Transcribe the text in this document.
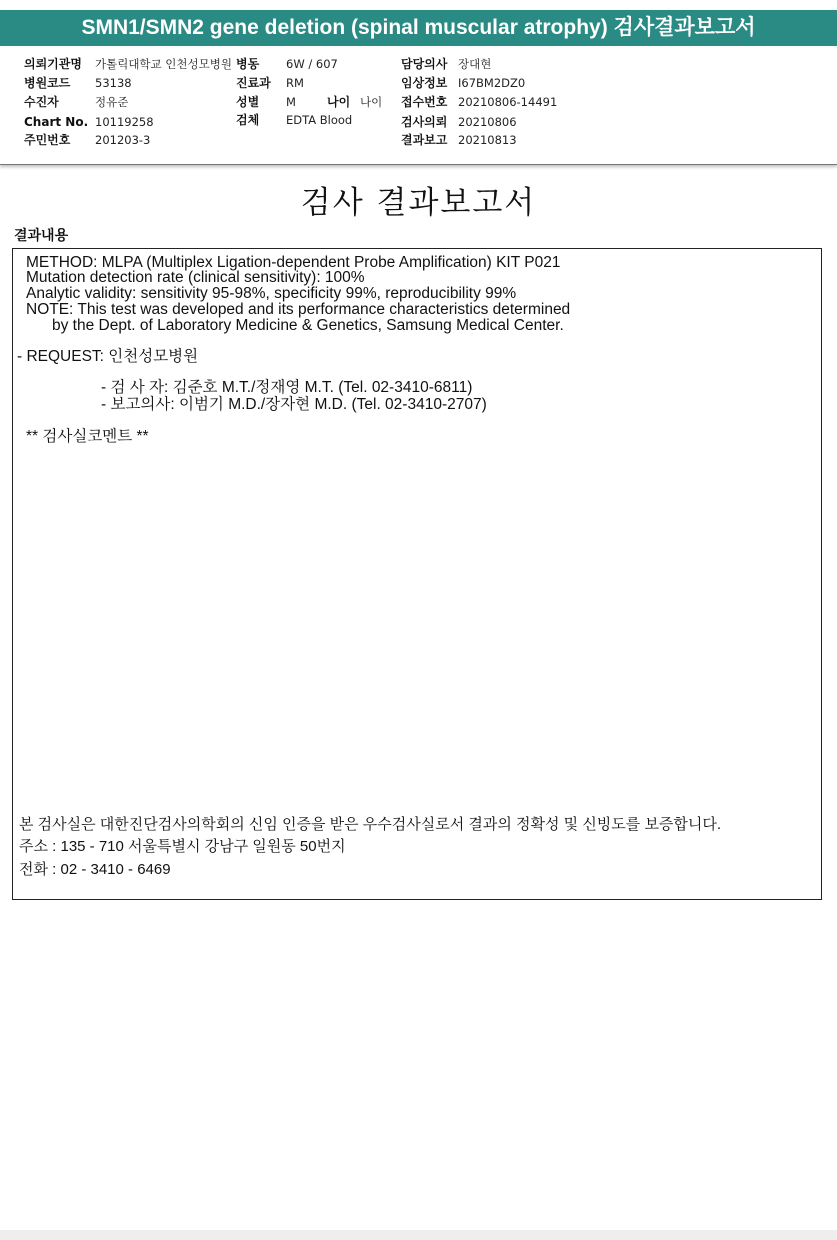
SMN1/SMN2 gene deletion (spinal muscular atrophy) 검사결과보고서
의뢰기관명 가톨릭대학교 인천성모병원 병동 6W / 607	담당의사 장대현
병원코드 53138	진료과 RM	임상정보 I67BM2DZ0
수진자	정유준	성별 M	나이 나이 접수번호 20210806-14491
Chart No. 10119258	검체 EDTA Blood	검사의뢰 20210806
주민번호 201203-3	결과보고 20210813
검사 결과보고서
결과내용
METHOD: MLPA (Multiplex Ligation-dependent Probe Amplification) KIT P021
Mutation detection rate (clinical sensitivity): 100%
Analytic validity: sensitivity 95-98%, specificity 99%, reproducibility 99%
NOTE: This test was developed and its performance characteristics determined
by the Dept. of Laboratory Medicine & Genetics, Samsung Medical Center.
- REQUEST: 인천성모병원
- 검 사 자: 김준호 M.T./정재영 M.T. (Tel. 02-3410-6811)
- 보고의사: 이범기 M.D./장자현 M.D. (Tel. 02-3410-2707)
** 검사실코멘트 **
본 검사실은 대한진단검사의학회의 신임 인증을 받은 우수검사실로서 결과의 정확성 및 신빙도를 보증합니다.
주소 : 135 - 710 서울특별시 강남구 일원동 50번지
전화 : 02 - 3410 - 6469
